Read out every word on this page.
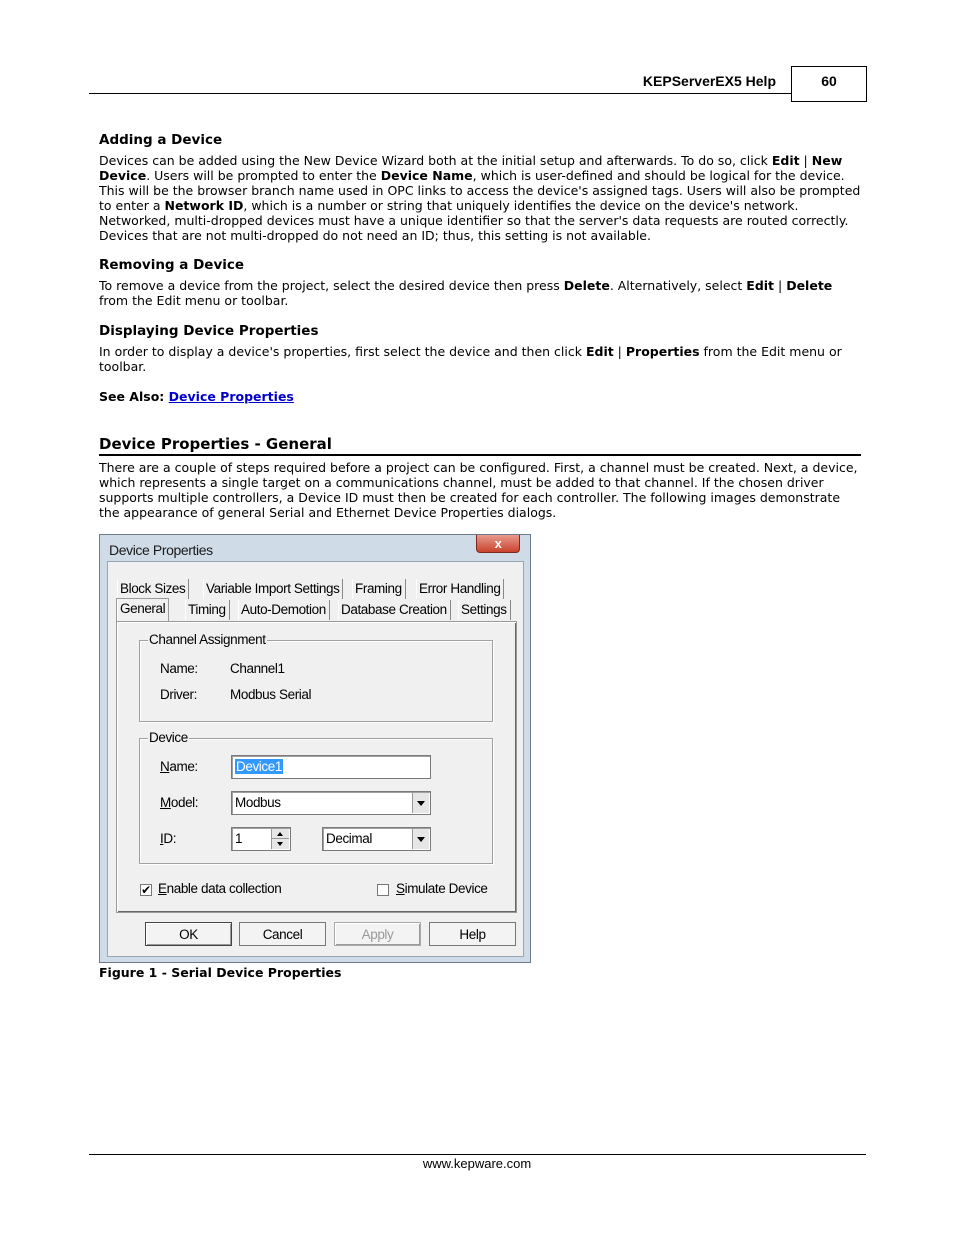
KEPServerEX5 Help	60
Adding a Device
Devices can be added using the New Device Wizard both at the initial setup and afterwards. To do so, click Edit | New Device. Users will be prompted to enter the Device Name, which is user-defined and should be logical for the device. This will be the browser branch name used in OPC links to access the device's assigned tags. Users will also be prompted to enter a Network ID, which is a number or string that uniquely identifies the device on the device's network. Networked, multi-dropped devices must have a unique identifier so that the server's data requests are routed correctly. Devices that are not multi-dropped do not need an ID; thus, this setting is not available.
Removing a Device
To remove a device from the project, select the desired device then press Delete. Alternatively, select Edit | Delete from the Edit menu or toolbar.
Displaying Device Properties
In order to display a device's properties, first select the device and then click Edit | Properties from the Edit menu or toolbar.
See Also: Device Properties
Device Properties - General
There are a couple of steps required before a project can be configured. First, a channel must be created. Next, a device, which represents a single target on a communications channel, must be added to that channel. If the chosen driver supports multiple controllers, a Device ID must then be created for each controller. The following images demonstrate the appearance of general Serial and Ethernet Device Properties dialogs.
Device Properties	x
Block Sizes Variable Import Settings Framing Error Handling
General Timing Auto-Demotion Database Creation Settings
Channel Assignment
Name: Channel1
Driver: Modbus Serial
Device
Name:	Device1
Model:	Modbus
ID:	1	Decimal
✔ Enable data collection	Simulate Device
OK	Cancel	Apply	Help
Figure 1 - Serial Device Properties
www.kepware.com
